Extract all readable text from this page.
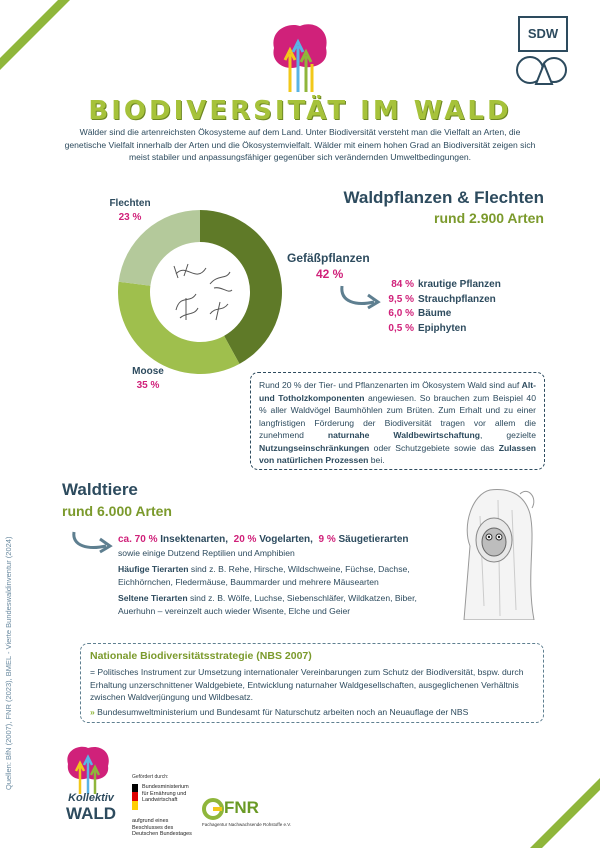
SDW
BIODIVERSITÄT IM WALD
Wälder sind die artenreichsten Ökosysteme auf dem Land. Unter Biodiversität versteht man die Vielfalt an Arten, die genetische Vielfalt innerhalb der Arten und die Ökosystemvielfalt. Wälder mit einem hohen Grad an Biodiversität zeigen sich meist stabiler und anpassungsfähiger gegenüber sich verändernden Umweltbedingungen.
Flechten
23 %
Moose
35 %
Gefäßpflanzen
42 %
Waldpflanzen & Flechten
rund 2.900 Arten
84 % krautige Pflanzen
9,5 % Strauchpflanzen
6,0 % Bäume
0,5 % Epiphyten
Rund 20 % der Tier- und Pflanzenarten im Ökosystem Wald sind auf Alt- und Totholzkomponenten angewiesen. So brauchen zum Beispiel 40 % aller Waldvögel Baumhöhlen zum Brüten. Zum Erhalt und zu einer langfristigen Förderung der Biodiversität tragen vor allem die zunehmend naturnahe Waldbewirtschaftung, gezielte Nutzungseinschränkungen oder Schutzgebiete sowie das Zulassen von natürlichen Prozessen bei.
Waldtiere
rund 6.000 Arten
ca. 70 % Insektenarten, 20 % Vogelarten, 9 % Säugetierarten
sowie einige Dutzend Reptilien und Amphibien
Häufige Tierarten sind z. B. Rehe, Hirsche, Wildschweine, Füchse, Dachse, Eichhörnchen, Fledermäuse, Baummarder und mehrere Mäusearten
Seltene Tierarten sind z. B. Wölfe, Luchse, Siebenschläfer, Wildkatzen, Biber, Auerhuhn – vereinzelt auch wieder Wisente, Elche und Geier
Nationale Biodiversitätsstrategie (NBS 2007)
= Politisches Instrument zur Umsetzung internationaler Vereinbarungen zum Schutz der Biodiversität, bspw. durch Erhaltung unzerschnittener Waldgebiete, Entwicklung naturnaher Waldgesellschaften, ausgeglichenen Verhältnis zwischen Waldverjüngung und Wildbesatz.
» Bundesumweltministerium und Bundesamt für Naturschutz arbeiten noch an Neuauflage der NBS
Quellen: BfN (2007), FNR (2023), BMEL - Vierte Bundeswaldinventur (2024)
Kollektiv
WALD
Gefördert durch:
Bundesministerium für Ernährung und Landwirtschaft
aufgrund eines Beschlusses des Deutschen Bundestages
FNR
Fachagentur Nachwachsende Rohstoffe e.V.
